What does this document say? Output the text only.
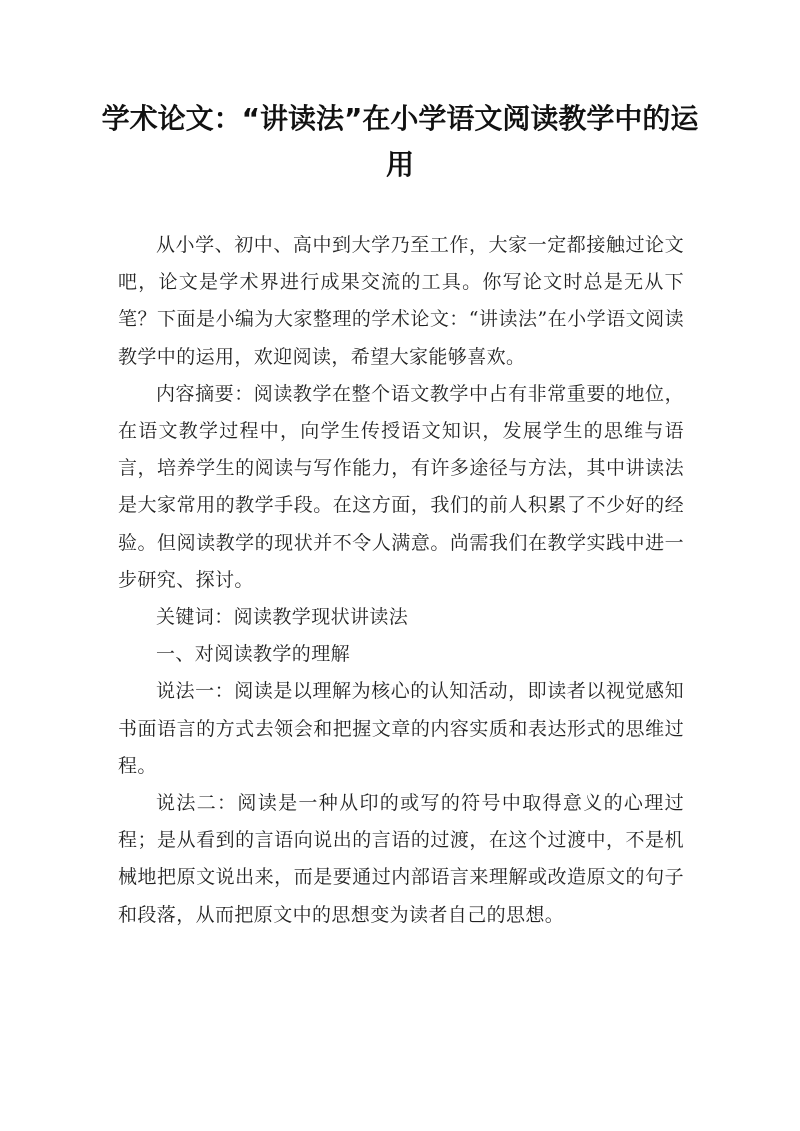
学术论文：“讲读法”在小学语文阅读教学中的运用

从小学、初中、高中到大学乃至工作，大家一定都接触过论文吧，论文是学术界进行成果交流的工具。你写论文时总是无从下笔？下面是小编为大家整理的学术论文：“讲读法”在小学语文阅读教学中的运用，欢迎阅读，希望大家能够喜欢。

内容摘要：阅读教学在整个语文教学中占有非常重要的地位，在语文教学过程中，向学生传授语文知识，发展学生的思维与语言，培养学生的阅读与写作能力，有许多途径与方法，其中讲读法是大家常用的教学手段。在这方面，我们的前人积累了不少好的经验。但阅读教学的现状并不令人满意。尚需我们在教学实践中进一步研究、探讨。

关键词：阅读教学现状讲读法

一、对阅读教学的理解

说法一：阅读是以理解为核心的认知活动，即读者以视觉感知书面语言的方式去领会和把握文章的内容实质和表达形式的思维过程。

说法二：阅读是一种从印的或写的符号中取得意义的心理过程；是从看到的言语向说出的言语的过渡，在这个过渡中，不是机械地把原文说出来，而是要通过内部语言来理解或改造原文的句子和段落，从而把原文中的思想变为读者自己的思想。
